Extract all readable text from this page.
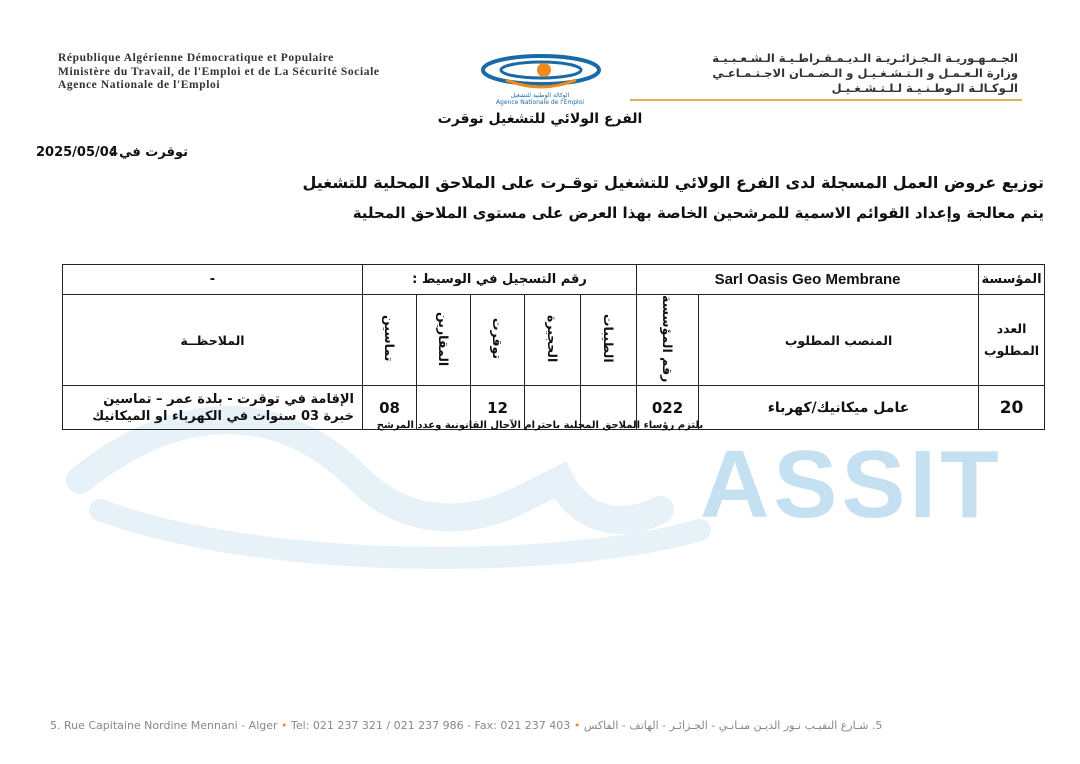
ASSIT
République Algérienne Démocratique et Populaire
Ministère du Travail, de l'Emploi et de La Sécurité Sociale
Agence Nationale de l'Emploi
الوكالة الوطنية للتشغيل
Agence Nationale de l'Emploi
الجـمـهـوريـة الـجـزائـريـة الـديـمـقـراطـيـة الـشـعـبـيـة
وزارة الـعـمـل و الـتـشـغـيـل و الـضـمـان الاجـتـمـاعـي
الـوكـالـة الـوطـنـيـة لـلـتـشـغـيـل
الفرع الولائي للتشغيل توقرت
توقرت في :
2025/05/04
توزيع عروض العمل المسجلة لدى الفرع الولائي للتشغيل توقـرت على الملاحق المحلية للتشغيل
يتم معالجة وإعداد القوائم الاسمية للمرشحين الخاصة بهذا العرض على مستوى الملاحق المحلية
-	رقم التسجيل في الوسيط :					Sarl Oasis Geo Membrane		المؤسسة
الملاحظــة	تماسين	المقارين	توقرت	الحجيرة	الطيبات	رقم المؤسسة	المنصب المطلوب	العدد المطلوب

الإقامة في توقرت - بلدة عمر – تماسين
خبرة 03 سنوات في الكهرباء او الميكانيك	08		12			022	عامل ميكانيك/كهرباء	20
يلتزم رؤساء الملاحق المحلية باحترام الآجال القانونية وعدد المرشح
5. Rue Capitaine Nordine Mennani - Alger • Tel: 021 237 321 / 021 237 986 - Fax: 021 237 403 • 5. شـارع النقيـب نـور الديـن منـانـي - الجـزائـر - الهاتف - الفاكس
